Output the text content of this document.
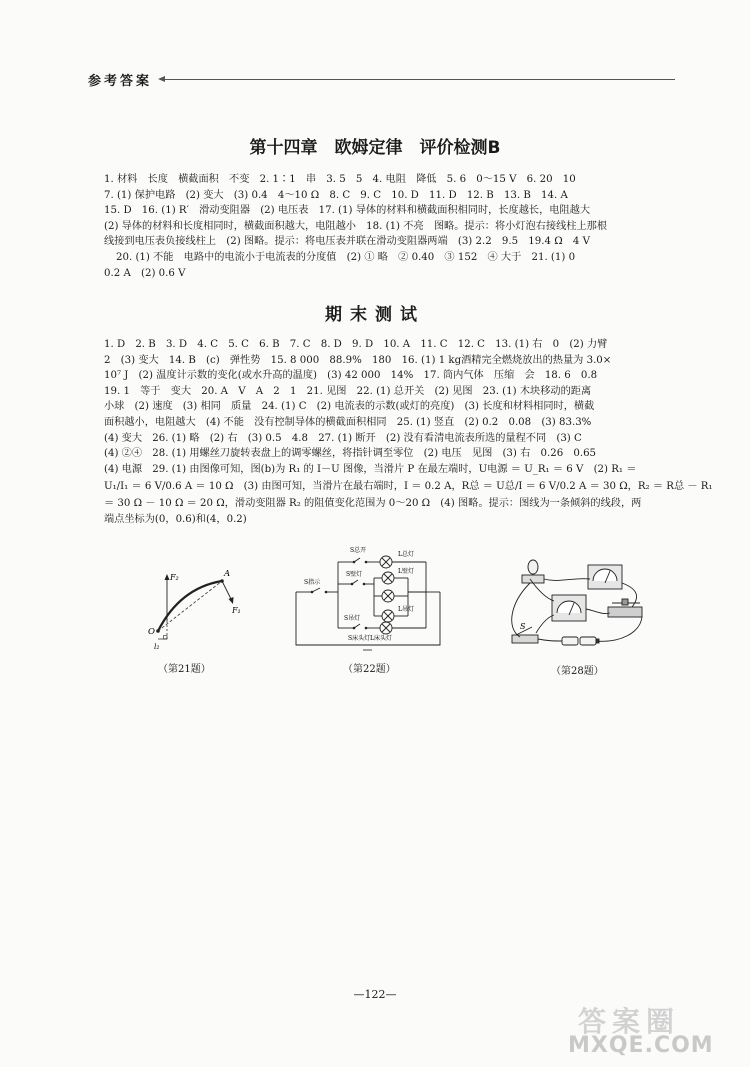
参考答案
第十四章　欧姆定律　评价检测B
1. 材料　长度　横截面积　不变　2. 1∶1　串　3. 5　5　4. 电阻　降低　5. 6　0～15 V　6. 20　10
7. (1) 保护电路　(2) 变大　(3) 0.4　4～10 Ω　8. C　9. C　10. D　11. D　12. B　13. B　14. A
15. D　16. (1) R′　滑动变阻器　(2) 电压表　17. (1) 导体的材料和横截面积相同时，长度越长，电阻越大
(2) 导体的材料和长度相同时，横截面积越大，电阻越小　18. (1) 不亮　图略。提示：将小灯泡右接线柱上那根
线接到电压表负接线柱上　(2) 图略。提示：将电压表并联在滑动变阻器两端　(3) 2.2　9.5　19.4 Ω　4 V
20. (1) 不能　电路中的电流小于电流表的分度值　(2) ① 略　② 0.40　③ 152　④ 大于　21. (1) 0
0.2 A　(2) 0.6 V
期末测试
1. D　2. B　3. D　4. C　5. C　6. B　7. C　8. D　9. D　10. A　11. C　12. C　13. (1) 右　0　(2) 力臂
2　(3) 变大　14. B　(c)　弹性势　15. 8 000　88.9%　180　16. (1) 1 kg酒精完全燃烧放出的热量为 3.0×
10⁷ J　(2) 温度计示数的变化(或水升高的温度)　(3) 42 000　14%　17. 筒内气体　压缩　会　18. 6　0.8
19. 1　等于　变大　20. A　V　A　2　1　21. 见图　22. (1) 总开关　(2) 见图　23. (1) 木块移动的距离
小球　(2) 速度　(3) 相同　质量　24. (1) C　(2) 电流表的示数(或灯的亮度)　(3) 长度和材料相同时，横截
面积越小，电阻越大　(4) 不能　没有控制导体的横截面积相同　25. (1) 竖直　(2) 0.2　0.08　(3) 83.3%
(4) 变大　26. (1) 略　(2) 右　(3) 0.5　4.8　27. (1) 断开　(2) 没有看清电流表所选的量程不同　(3) C
(4) ②④　28. (1) 用螺丝刀旋转表盘上的调零螺丝，将指针调至零位　(2) 电压　见图　(3) 右　0.26　0.65
(4) 电源　29. (1) 由图像可知，图(b)为 R₁ 的 I－U 图像，当滑片 P 在最左端时，U电源 ＝ U_R₁ ＝ 6 V　(2) R₁ ＝
U₁/I₁ ＝ 6 V/0.6 A ＝ 10 Ω　(3) 由图可知，当滑片在最右端时，I ＝ 0.2 A，R总 ＝ U总/I ＝ 6 V/0.2 A ＝ 30 Ω，R₂ ＝ R总 － R₁
＝ 30 Ω － 10 Ω ＝ 20 Ω，滑动变阻器 R₂ 的阻值变化范围为 0～20 Ω　(4) 图略。提示：图线为一条倾斜的线段，两
端点坐标为(0，0.6)和(4，0.2)
F₂	A
F₁
O
l₂
（第21题）
S总开
L总灯
S指示
S壁灯	L壁灯
S吊灯
L吊灯
S床头灯 L床头灯
（第22题）
S
（第28题）
—122—
答案圈
MXQE.COM
